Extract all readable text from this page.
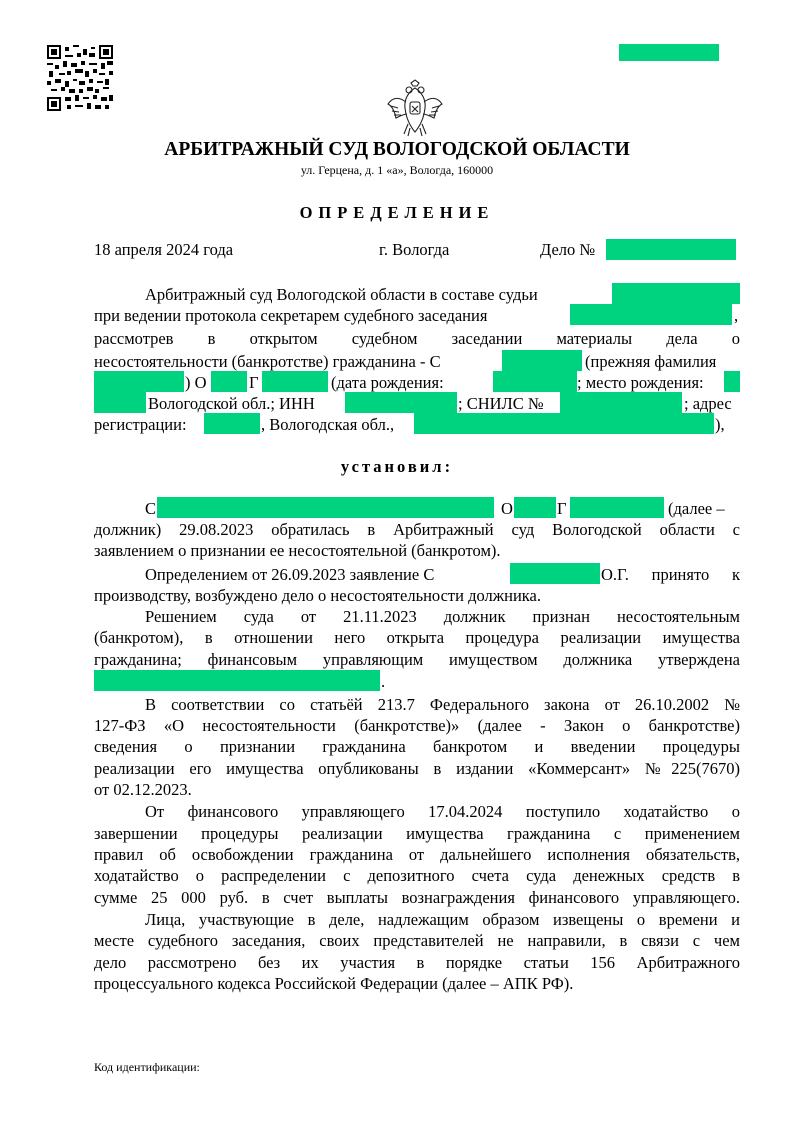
АРБИТРАЖНЫЙ СУД ВОЛОГОДСКОЙ ОБЛАСТИ
ул. Герцена, д. 1 «а», Вологда, 160000
ОПРЕДЕЛЕНИЕ
18 апреля 2024 года	г. Вологда	Дело №
Арбитражный суд Вологодской области в составе судьи
при ведении протокола секретарем судебного заседания	,
рассмотрев в открытом судебном заседании материалы дела о
несостоятельности (банкротстве) гражданина - С	(прежняя фамилия
) О	Г	(дата рождения:	; место рождения:
Вологодской обл.; ИНН	; СНИЛС №	; адрес
регистрации:	, Вологодская обл.,	),
установил:
С	О	Г	(далее –
должник) 29.08.2023 обратилась в Арбитражный суд Вологодской области с
заявлением о признании ее несостоятельной (банкротом).
Определением от 26.09.2023 заявление С	О.Г. принято к
производству, возбуждено дело о несостоятельности должника.
Решением суда от 21.11.2023 должник признан несостоятельным
(банкротом), в отношении него открыта процедура реализации имущества
гражданина; финансовым управляющим имуществом должника утверждена
.
В соответствии со статьёй 213.7 Федерального закона от 26.10.2002 №
127-ФЗ «О несостоятельности (банкротстве)» (далее - Закон о банкротстве)
сведения о признании гражданина банкротом и введении процедуры
реализации его имущества опубликованы в издании «Коммерсант» №225(7670)
от 02.12.2023.
От финансового управляющего 17.04.2024 поступило ходатайство о
завершении процедуры реализации имущества гражданина с применением
правил об освобождении гражданина от дальнейшего исполнения обязательств,
ходатайство о распределении с депозитного счета суда денежных средств в
сумме 25 000 руб. в счет выплаты вознаграждения финансового управляющего.
Лица, участвующие в деле, надлежащим образом извещены о времени и
месте судебного заседания, своих представителей не направили, в связи с чем
дело рассмотрено без их участия в порядке статьи 156 Арбитражного
процессуального кодекса Российской Федерации (далее – АПК РФ).
Код идентификации:
